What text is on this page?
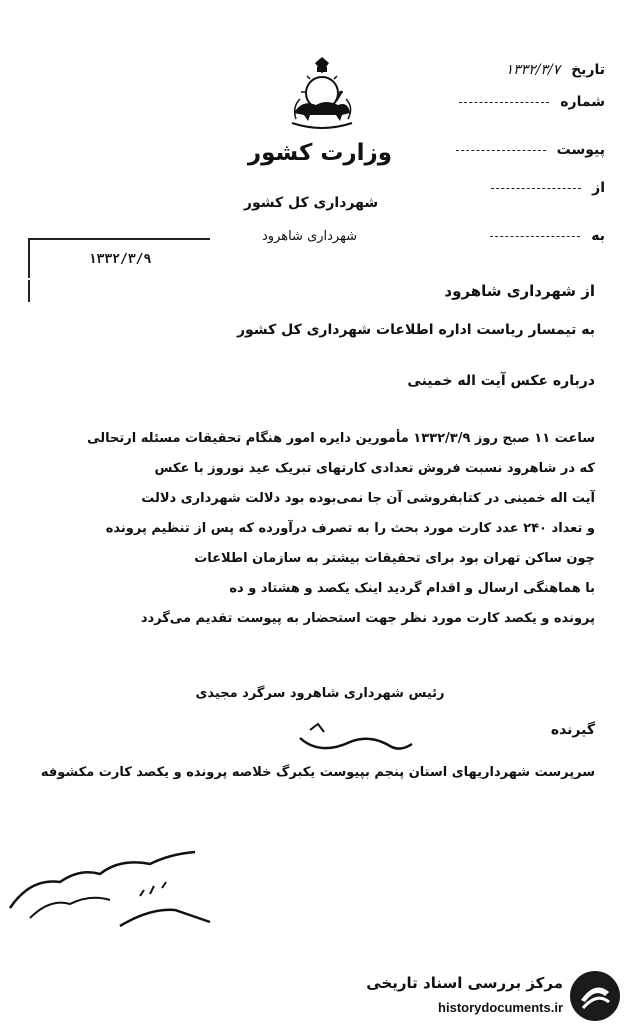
وزارت کشور
شهرداری کل کشور
شهرداری شاهرود
تاریخ ۱۳۳۲/۳/۷
شماره
پیوست
از
به
۱۳۳۲/۳/۹
از شهرداری شاهرود
به تیمسار ریاست اداره اطلاعات شهرداری کل کشور
درباره عکس آیت اله خمینی

ساعت ۱۱ صبح روز ۱۳۳۲/۳/۹ مأمورین دایره امور هنگام تحقیقات مسئله ارتحالی

که در شاهرود نسبت فروش تعدادی کارتهای تبریک عید نوروز با عکس

آیت اله خمینی در کتابفروشی آن جا نمی‌بوده بود دلالت شهرداری دلالت

و تعداد ۲۴۰ عدد کارت مورد بحث را به تصرف درآورده که پس از تنظیم پرونده

چون ساکن تهران بود برای تحقیقات بیشتر به سازمان اطلاعات

با هماهنگی ارسال و اقدام گردید اینک یکصد و هشتاد و ده

پرونده و یکصد کارت مورد نظر جهت استحضار به پیوست تقدیم می‌گردد

رئیس شهرداری شاهرود سرگرد مجیدی
گیرنده
سرپرست شهرداریهای استان پنجم بپیوست یکبرگ خلاصه پرونده و یکصد کارت مکشوفه
مرکز بررسی اسناد تاریخی
historydocuments.ir
